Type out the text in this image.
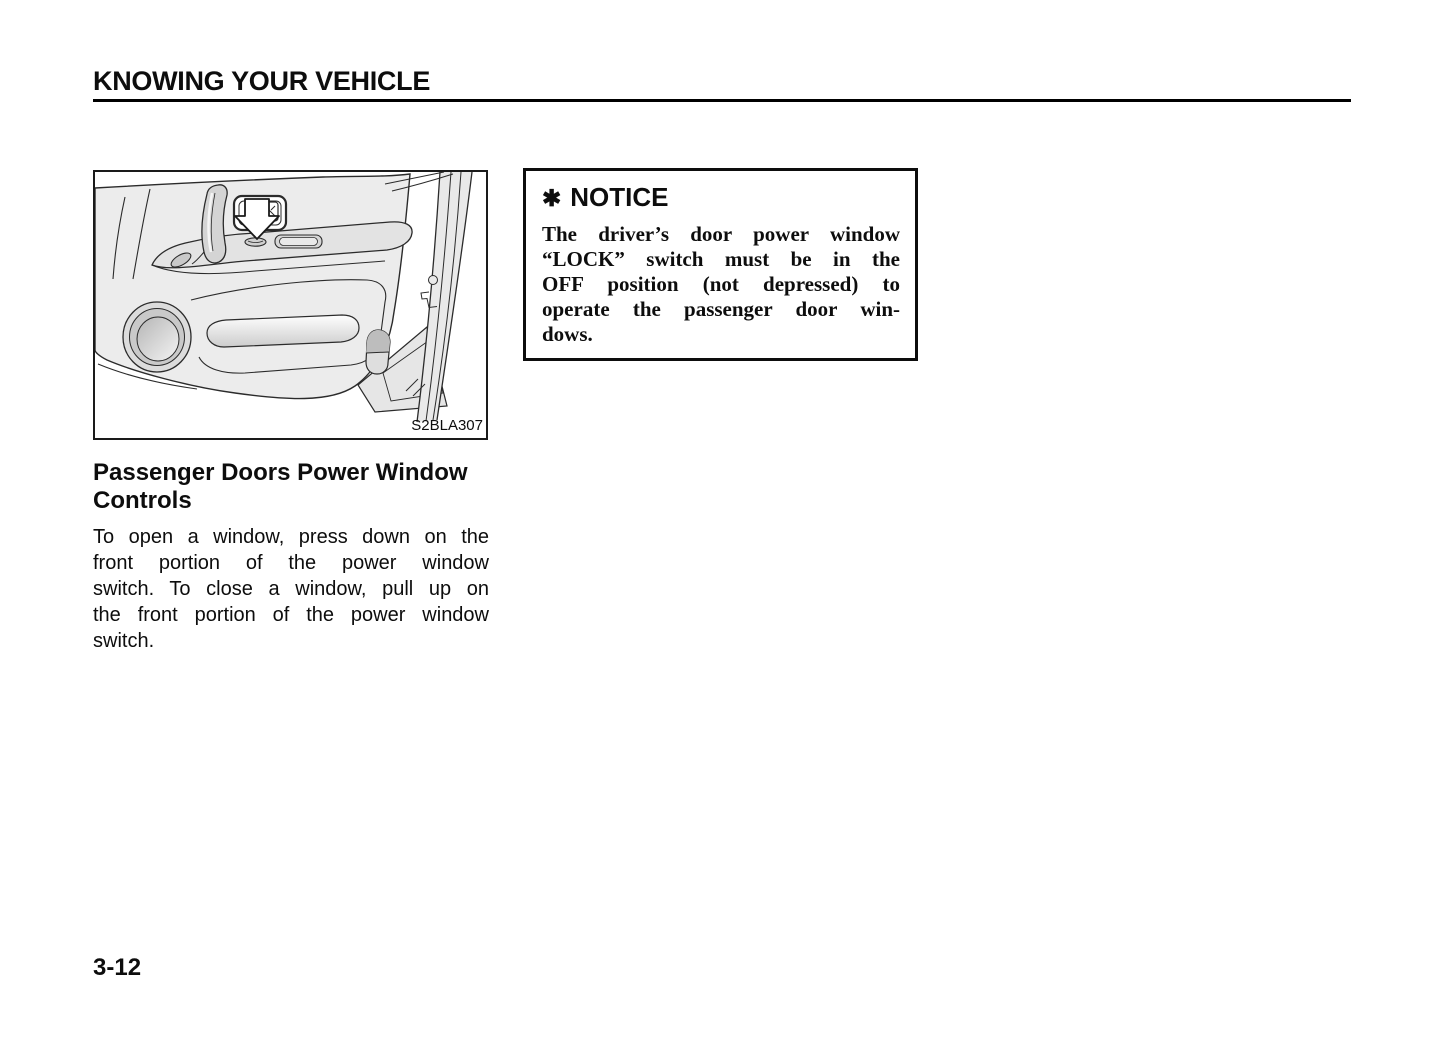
KNOWING YOUR VEHICLE
S2BLA307
✱ NOTICE
The driver’s door power window
“LOCK” switch must be in the
OFF position (not depressed) to
operate the passenger door win-
dows.
Passenger Doors Power Window
Controls
To open a window, press down on the
front portion of the power window
switch. To close a window, pull up on
the front portion of the power window
switch.
3-12
